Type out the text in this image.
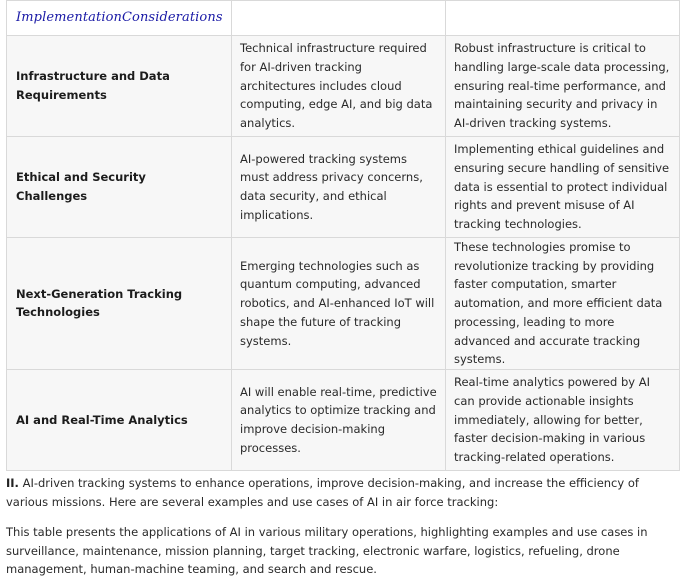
ImplementationConsiderations		
Infrastructure and Data Requirements	Technical infrastructure required for AI-driven tracking architectures includes cloud computing, edge AI, and big data analytics.	Robust infrastructure is critical to handling large-scale data processing, ensuring real-time performance, and maintaining security and privacy in AI-driven tracking systems.
Ethical and Security Challenges	AI-powered tracking systems must address privacy concerns, data security, and ethical implications.	Implementing ethical guidelines and ensuring secure handling of sensitive data is essential to protect individual rights and prevent misuse of AI tracking technologies.
Next-Generation Tracking Technologies	Emerging technologies such as quantum computing, advanced robotics, and AI-enhanced IoT will shape the future of tracking systems.	These technologies promise to revolutionize tracking by providing faster computation, smarter automation, and more efficient data processing, leading to more advanced and accurate tracking systems.
AI and Real-Time Analytics	AI will enable real-time, predictive analytics to optimize tracking and improve decision-making processes.	Real-time analytics powered by AI can provide actionable insights immediately, allowing for better, faster decision-making in various tracking-related operations.

II. AI-driven tracking systems to enhance operations, improve decision-making, and increase the efficiency of various missions. Here are several examples and use cases of AI in air force tracking:

This table presents the applications of AI in various military operations, highlighting examples and use cases in surveillance, maintenance, mission planning, target tracking, electronic warfare, logistics, refueling, drone management, human-machine teaming, and search and rescue.
